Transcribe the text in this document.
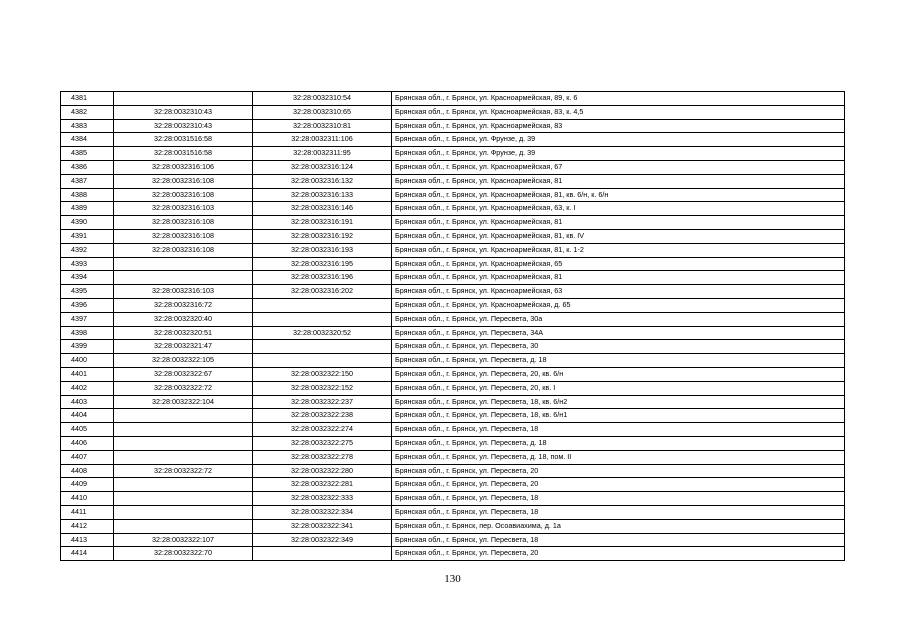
4381		32:28:0032310:54	Брянская обл., г. Брянск, ул. Красноармейская, 89, к. 6
4382	32:28:0032310:43	32:28:0032310:65	Брянская обл., г. Брянск, ул. Красноармейская, 83, к. 4,5
4383	32:28:0032310:43	32:28:0032310:81	Брянская обл., г. Брянск, ул. Красноармейская, 83
4384	32:28:0031516:58	32:28:0032311:106	Брянская обл., г. Брянск, ул. Фрунзе, д. 39
4385	32:28:0031516:58	32:28:0032311:95	Брянская обл., г. Брянск, ул. Фрунзе, д. 39
4386	32:28:0032316:106	32:28:0032316:124	Брянская обл., г. Брянск, ул. Красноармейская, 67
4387	32:28:0032316:108	32:28:0032316:132	Брянская обл., г. Брянск, ул. Красноармейская, 81
4388	32:28:0032316:108	32:28:0032316:133	Брянская обл., г. Брянск, ул. Красноармейская, 81, кв. 6/н, к. 6/н
4389	32:28:0032316:103	32:28:0032316:146	Брянская обл., г. Брянск, ул. Красноармейская, 63, к. I
4390	32:28:0032316:108	32:28:0032316:191	Брянская обл., г. Брянск, ул. Красноармейская, 81
4391	32:28:0032316:108	32:28:0032316:192	Брянская обл., г. Брянск, ул. Красноармейская, 81, кв. IV
4392	32:28:0032316:108	32:28:0032316:193	Брянская обл., г. Брянск, ул. Красноармейская, 81, к. 1-2
4393		32:28:0032316:195	Брянская обл., г. Брянск, ул. Красноармейская, 65
4394		32:28:0032316:196	Брянская обл., г. Брянск, ул. Красноармейская, 81
4395	32:28:0032316:103	32:28:0032316:202	Брянская обл., г. Брянск, ул. Красноармейская, 63
4396	32:28:0032316:72		Брянская обл., г. Брянск, ул. Красноармейская, д. 65
4397	32:28:0032320:40		Брянская обл., г. Брянск, ул. Пересвета, 30а
4398	32:28:0032320:51	32:28:0032320:52	Брянская обл., г. Брянск, ул. Пересвета, 34А
4399	32:28:0032321:47		Брянская обл., г. Брянск, ул. Пересвета, 30
4400	32:28:0032322:105		Брянская обл., г. Брянск, ул. Пересвета, д. 18
4401	32:28:0032322:67	32:28:0032322:150	Брянская обл., г. Брянск, ул. Пересвета, 20, кв. 6/н
4402	32:28:0032322:72	32:28:0032322:152	Брянская обл., г. Брянск, ул. Пересвета, 20, кв. I
4403	32:28:0032322:104	32:28:0032322:237	Брянская обл., г. Брянск, ул. Пересвета, 18, кв. 6/н2
4404		32:28:0032322:238	Брянская обл., г. Брянск, ул. Пересвета, 18, кв. 6/н1
4405		32:28:0032322:274	Брянская обл., г. Брянск, ул. Пересвета, 18
4406		32:28:0032322:275	Брянская обл., г. Брянск, ул. Пересвета, д. 18
4407		32:28:0032322:278	Брянская обл., г. Брянск, ул. Пересвета, д. 18, пом. II
4408	32:28:0032322:72	32:28:0032322:280	Брянская обл., г. Брянск, ул. Пересвета, 20
4409		32:28:0032322:281	Брянская обл., г. Брянск, ул. Пересвета, 20
4410		32:28:0032322:333	Брянская обл., г. Брянск, ул. Пересвета, 18
4411		32:28:0032322:334	Брянская обл., г. Брянск, ул. Пересвета, 18
4412		32:28:0032322:341	Брянская обл., г. Брянск, пер. Осоавиахима, д. 1а
4413	32:28:0032322:107	32:28:0032322:349	Брянская обл., г. Брянск, ул. Пересвета, 18
4414	32:28:0032322:70		Брянская обл., г. Брянск, ул. Пересвета, 20
130
